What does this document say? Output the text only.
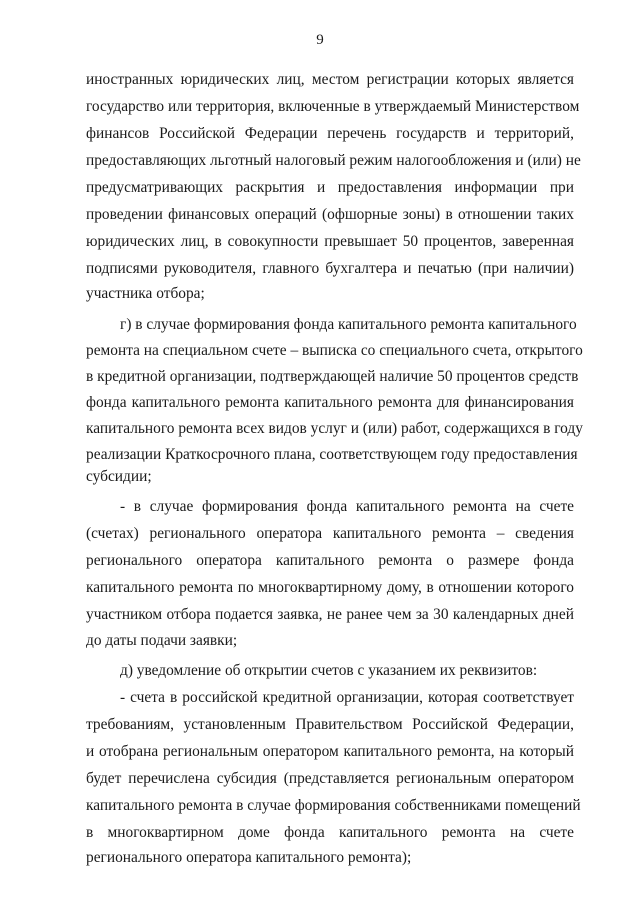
9
иностранных юридических лиц, местом регистрации которых является
государство или территория, включенные в утверждаемый Министерством
финансов Российской Федерации перечень государств и территорий,
предоставляющих льготный налоговый режим налогообложения и (или) не
предусматривающих раскрытия и предоставления информации при
проведении финансовых операций (офшорные зоны) в отношении таких
юридических лиц, в совокупности превышает 50 процентов, заверенная
подписями руководителя, главного бухгалтера и печатью (при наличии)
участника отбора;
г) в случае формирования фонда капитального ремонта капитального
ремонта на специальном счете – выписка со специального счета, открытого
в кредитной организации, подтверждающей наличие 50 процентов средств
фонда капитального ремонта капитального ремонта для финансирования
капитального ремонта всех видов услуг и (или) работ, содержащихся в году
реализации Краткосрочного плана, соответствующем году предоставления
субсидии;
- в случае формирования фонда капитального ремонта на счете
(счетах) регионального оператора капитального ремонта – сведения
регионального оператора капитального ремонта о размере фонда
капитального ремонта по многоквартирному дому, в отношении которого
участником отбора подается заявка, не ранее чем за 30 календарных дней
до даты подачи заявки;
д) уведомление об открытии счетов с указанием их реквизитов:
- счета в российской кредитной организации, которая соответствует
требованиям, установленным Правительством Российской Федерации,
и отобрана региональным оператором капитального ремонта, на который
будет перечислена субсидия (представляется региональным оператором
капитального ремонта в случае формирования собственниками помещений
в многоквартирном доме фонда капитального ремонта на счете
регионального оператора капитального ремонта);
